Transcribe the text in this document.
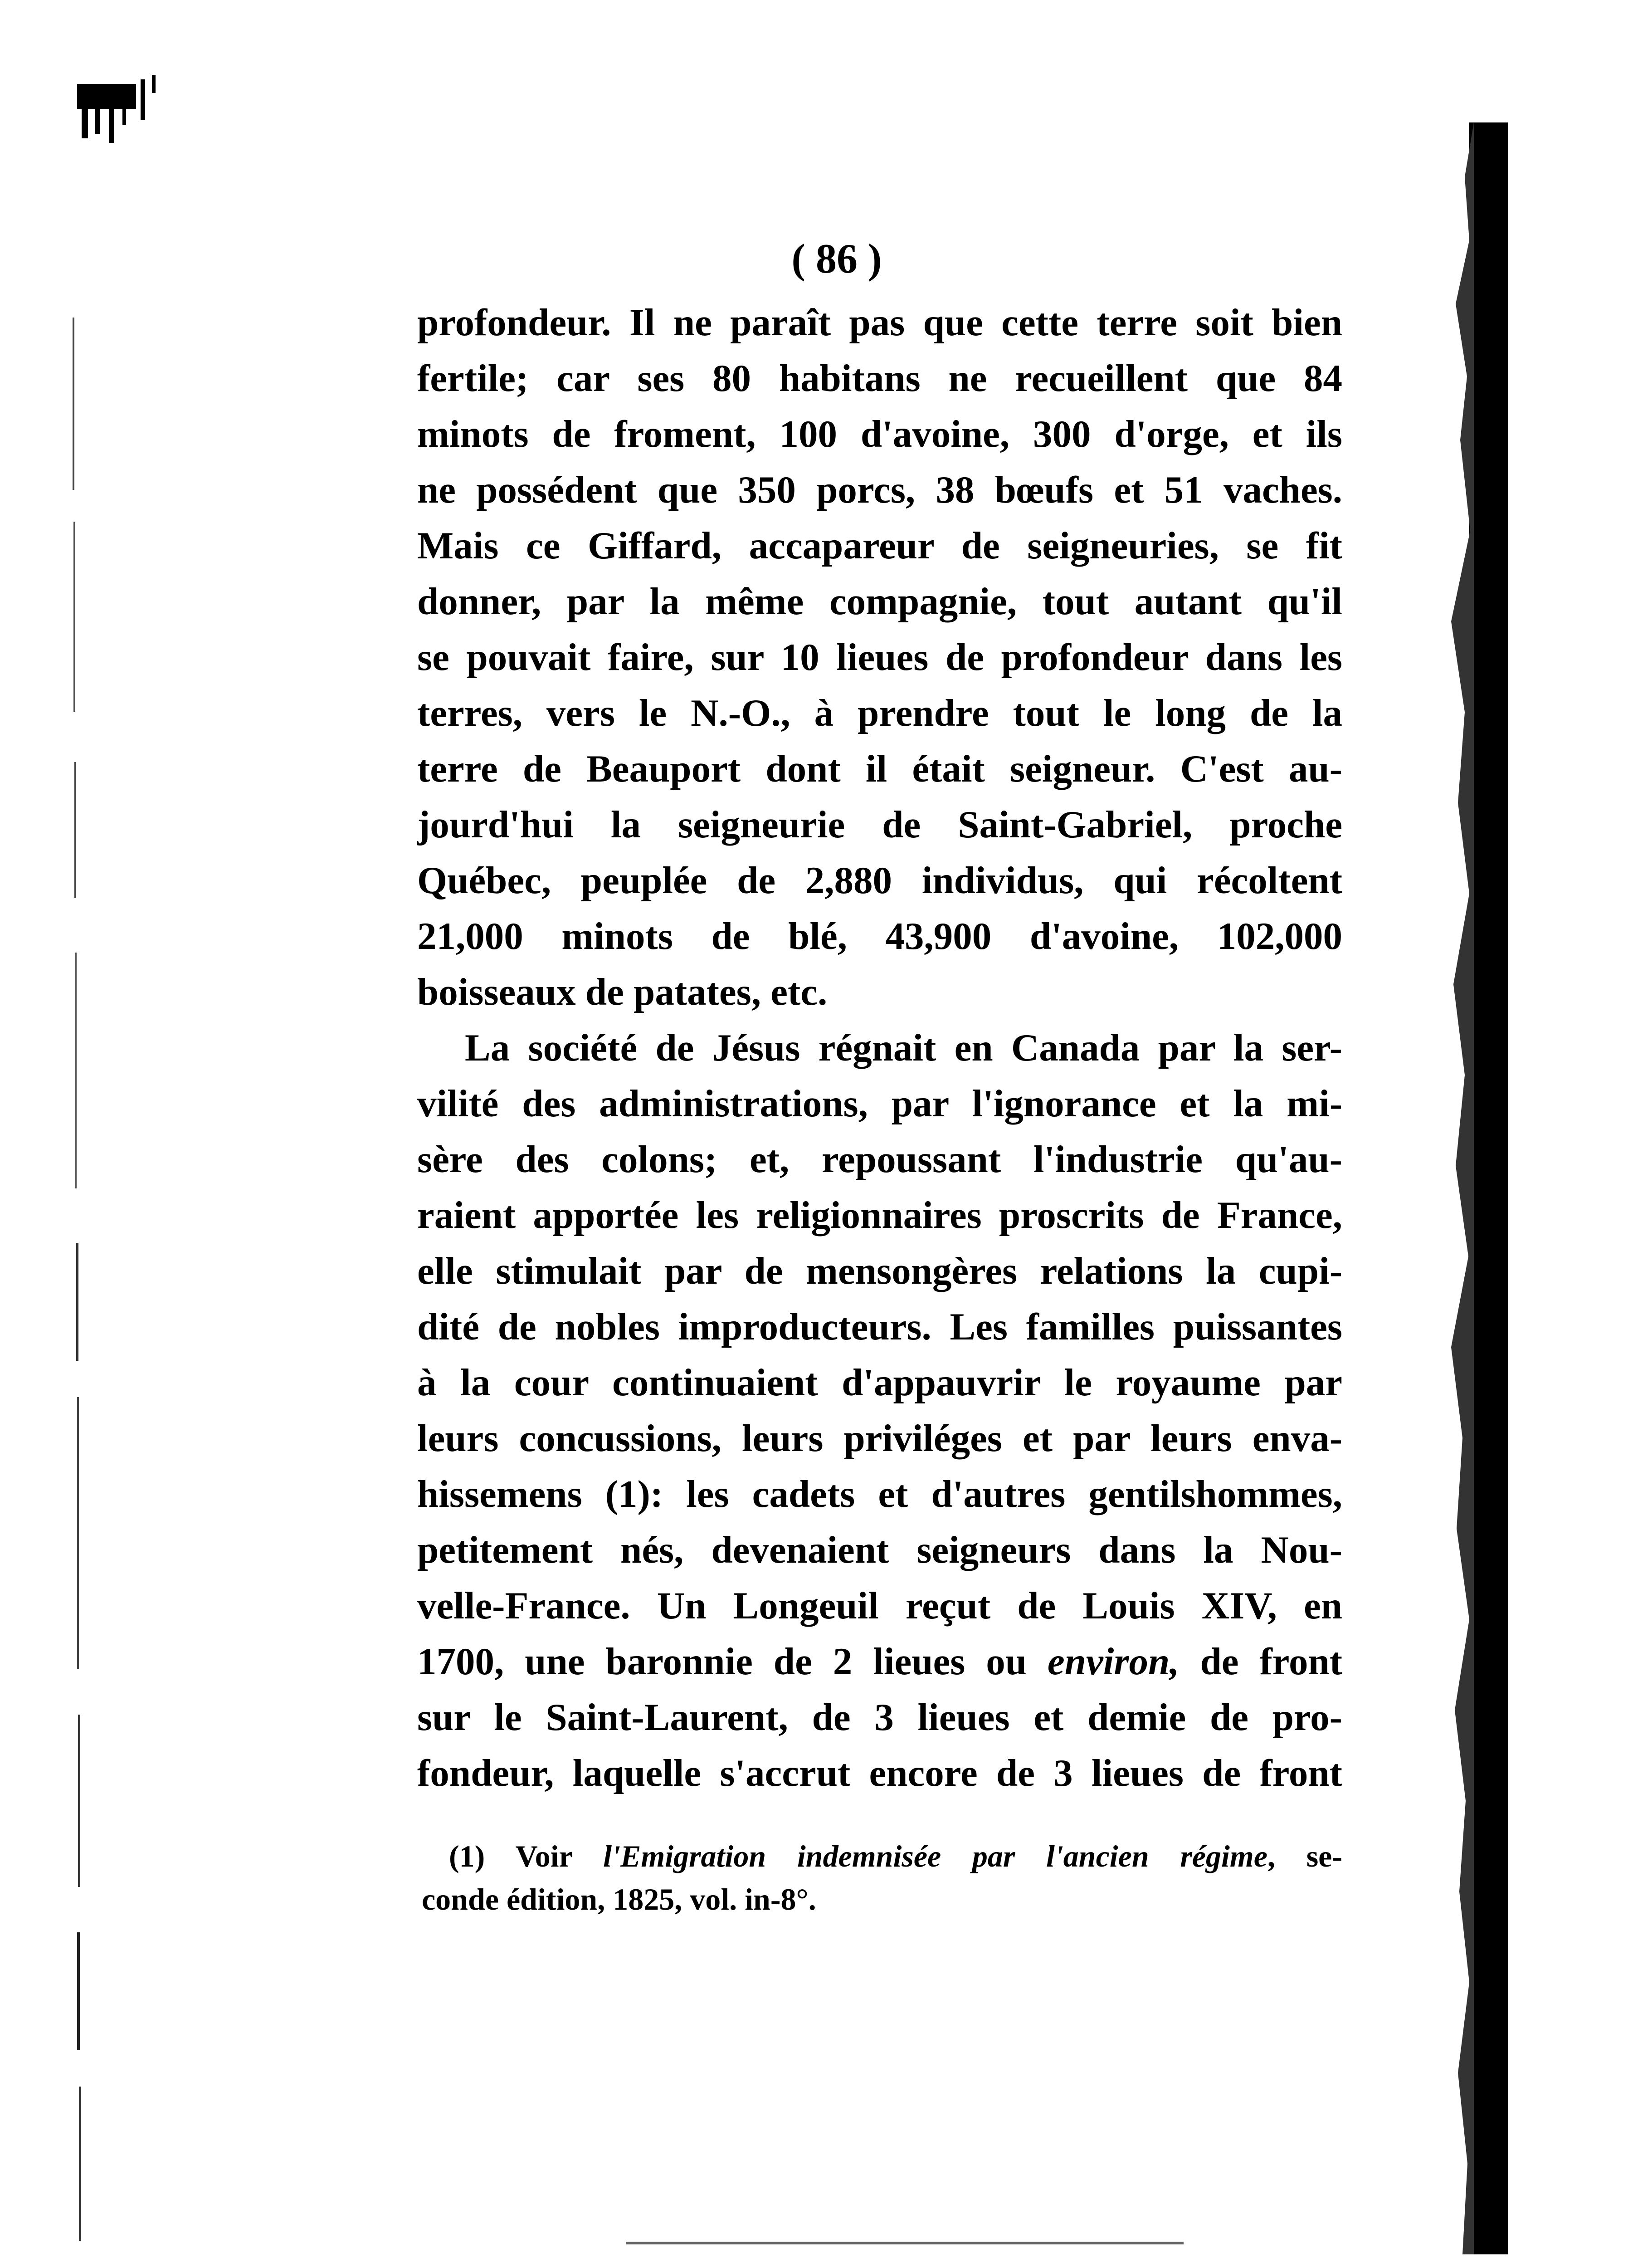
( 86 )
profondeur. Il ne paraît pas que cette terre soit bien
fertile; car ses 80 habitans ne recueillent que 84
minots de froment, 100 d'avoine, 300 d'orge, et ils
ne possédent que 350 porcs, 38 bœufs et 51 vaches.
Mais ce Giffard, accapareur de seigneuries, se fit
donner, par la même compagnie, tout autant qu'il
se pouvait faire, sur 10 lieues de profondeur dans les
terres, vers le N.-O., à prendre tout le long de la
terre de Beauport dont il était seigneur. C'est au-
jourd'hui la seigneurie de Saint-Gabriel, proche
Québec, peuplée de 2,880 individus, qui récoltent
21,000 minots de blé, 43,900 d'avoine, 102,000
boisseaux de patates, etc.
La société de Jésus régnait en Canada par la ser-
vilité des administrations, par l'ignorance et la mi-
sère des colons; et, repoussant l'industrie qu'au-
raient apportée les religionnaires proscrits de France,
elle stimulait par de mensongères relations la cupi-
dité de nobles improducteurs. Les familles puissantes
à la cour continuaient d'appauvrir le royaume par
leurs concussions, leurs priviléges et par leurs enva-
hissemens (1): les cadets et d'autres gentilshommes,
petitement nés, devenaient seigneurs dans la Nou-
velle-France. Un Longeuil reçut de Louis XIV, en
1700, une baronnie de 2 lieues ou environ, de front
sur le Saint-Laurent, de 3 lieues et demie de pro-
fondeur, laquelle s'accrut encore de 3 lieues de front
(1) Voir l'Emigration indemnisée par l'ancien régime, se-
conde édition, 1825, vol. in-8°.
